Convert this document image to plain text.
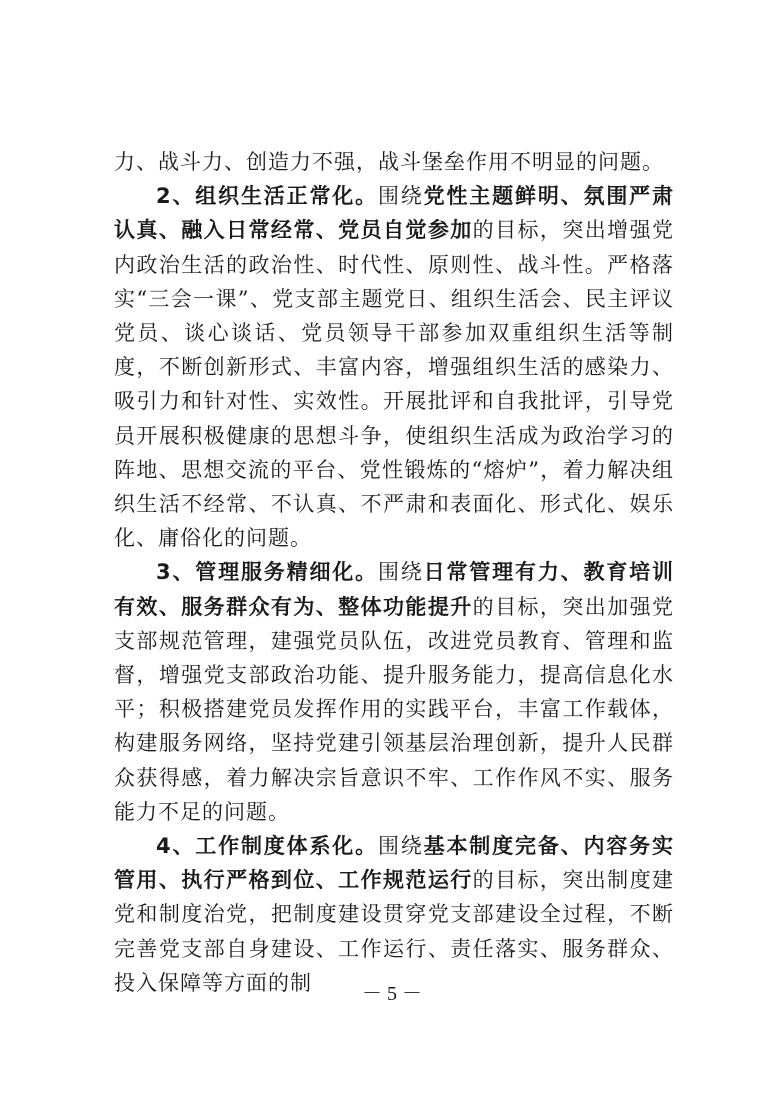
力、战斗力、创造力不强，战斗堡垒作用不明显的问题。

2、组织生活正常化。围绕党性主题鲜明、氛围严肃认真、融入日常经常、党员自觉参加的目标，突出增强党内政治生活的政治性、时代性、原则性、战斗性。严格落实“三会一课”、党支部主题党日、组织生活会、民主评议党员、谈心谈话、党员领导干部参加双重组织生活等制度，不断创新形式、丰富内容，增强组织生活的感染力、吸引力和针对性、实效性。开展批评和自我批评，引导党员开展积极健康的思想斗争，使组织生活成为政治学习的阵地、思想交流的平台、党性锻炼的“熔炉”，着力解决组织生活不经常、不认真、不严肃和表面化、形式化、娱乐化、庸俗化的问题。

3、管理服务精细化。围绕日常管理有力、教育培训有效、服务群众有为、整体功能提升的目标，突出加强党支部规范管理，建强党员队伍，改进党员教育、管理和监督，增强党支部政治功能、提升服务能力，提高信息化水平；积极搭建党员发挥作用的实践平台，丰富工作载体，构建服务网络，坚持党建引领基层治理创新，提升人民群众获得感，着力解决宗旨意识不牢、工作作风不实、服务能力不足的问题。

4、工作制度体系化。围绕基本制度完备、内容务实管用、执行严格到位、工作规范运行的目标，突出制度建党和制度治党，把制度建设贯穿党支部建设全过程，不断完善党支部自身建设、工作运行、责任落实、服务群众、投入保障等方面的制	－ 5 －
